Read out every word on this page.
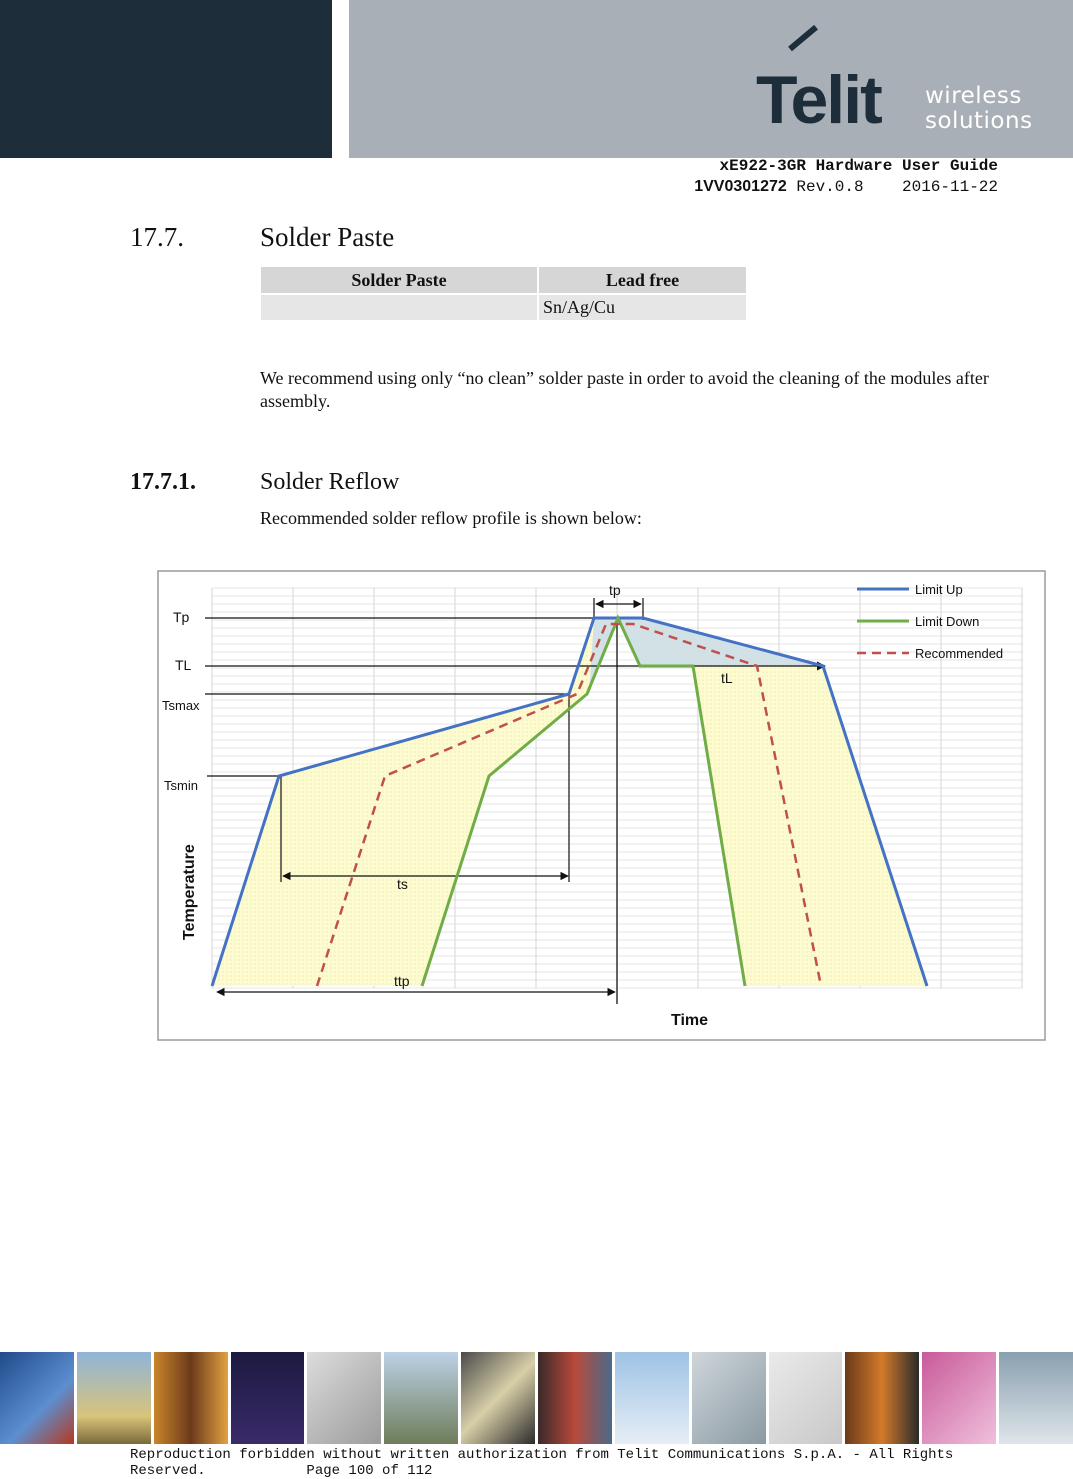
Telit wireless
solutions
xE922-3GR Hardware User Guide
1VV0301272 Rev.0.8    2016-11-22
17.7.	Solder Paste
Solder Paste	Lead free
	Sn/Ag/Cu
We recommend using only “no clean” solder paste in order to avoid the cleaning of the modules after assembly.
17.7.1.	Solder Reflow
Recommended solder reflow profile is shown below:
Tp
TL
Tsmax
Tsmin
tp
tL
ts
ttp
Time
Temperature
Limit Up
Limit Down
Recommended
Reproduction forbidden without written authorization from Telit Communications S.p.A. - All Rights
Reserved.            Page 100 of 112
